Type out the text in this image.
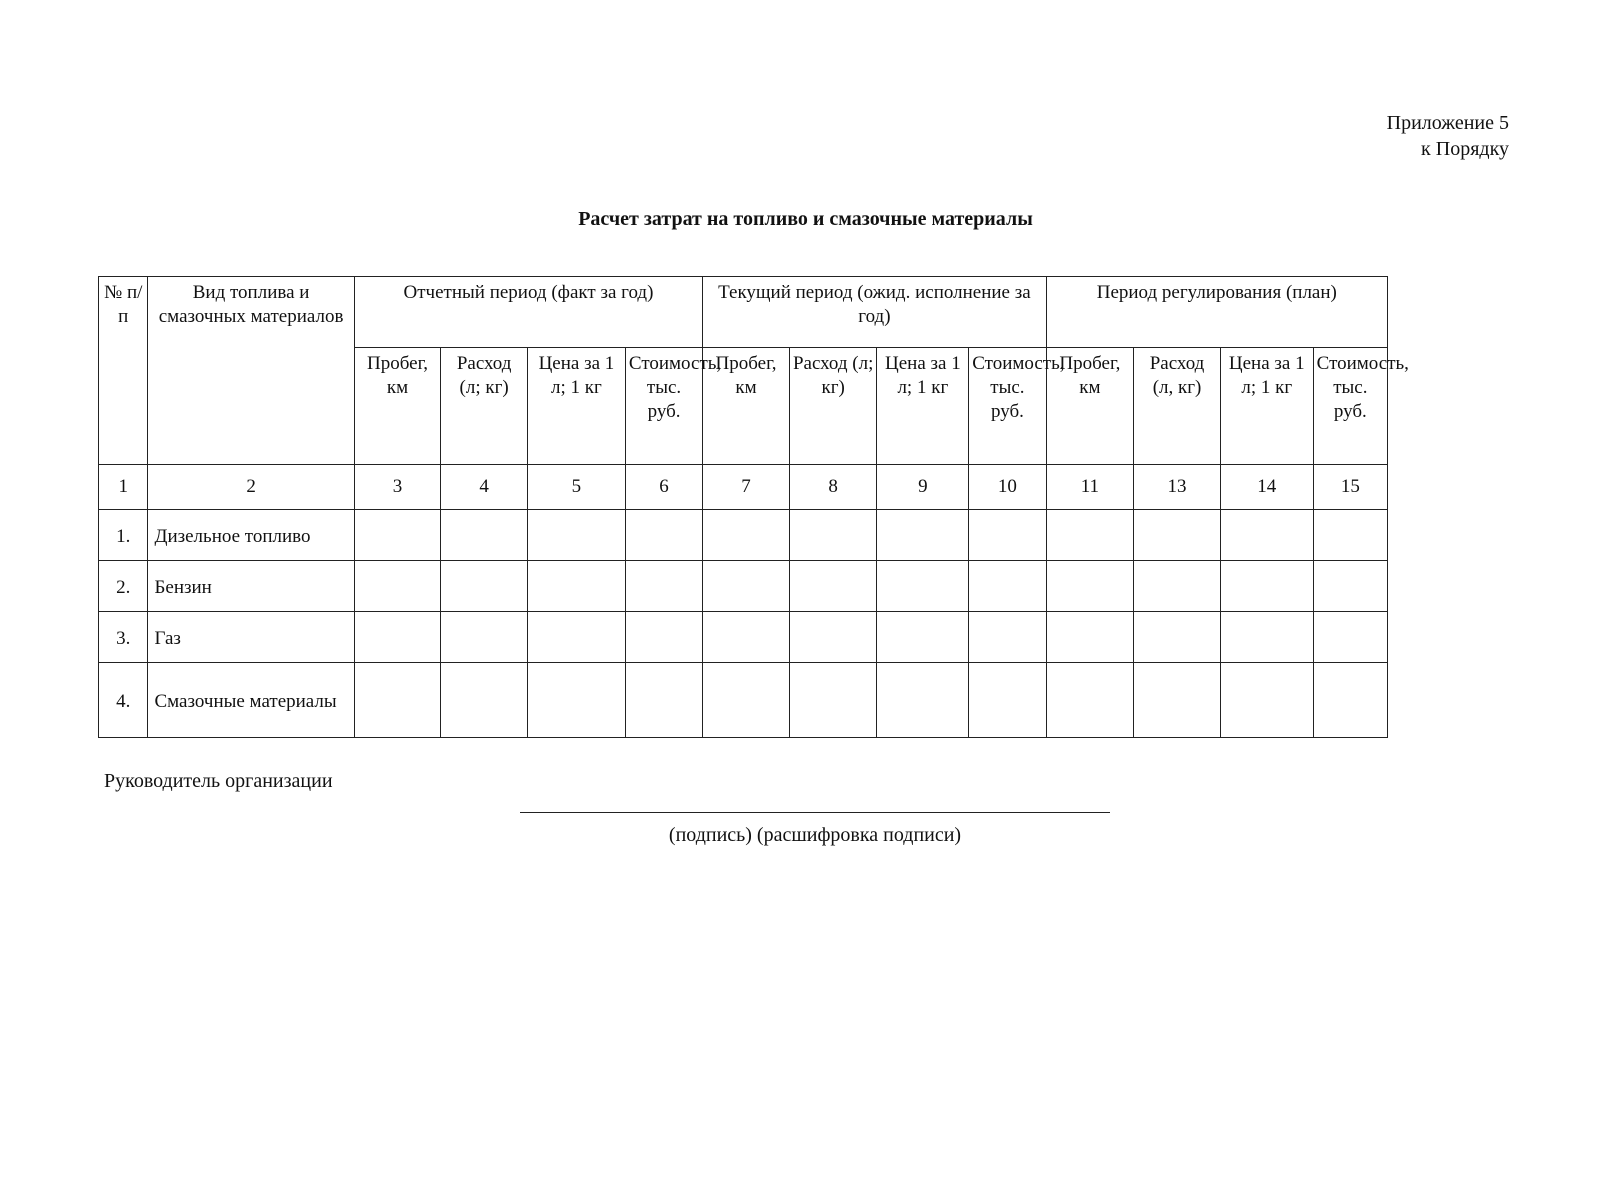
Приложение 5
к Порядку
Расчет затрат на топливо и смазочные материалы
№ п/п	Вид топлива и смазочных материалов	Отчетный период (факт за год)				Текущий период (ожид. исполнение за год)				Период регулирования (план)			
		Пробег, км	Расход (л; кг)	Цена за 1 л; 1 кг	Стоимость, тыс. руб.	Пробег, км	Расход (л; кг)	Цена за 1 л; 1 кг	Стоимость, тыс. руб.	Пробег, км	Расход (л, кг)	Цена за 1 л; 1 кг	Стоимость, тыс. руб.
1	2	3	4	5	6	7	8	9	10	11	13	14	15
1.	Дизельное топливо												
2.	Бензин												
3.	Газ												
4.	Смазочные материалы												
Руководитель организации
(подпись) (расшифровка подписи)
